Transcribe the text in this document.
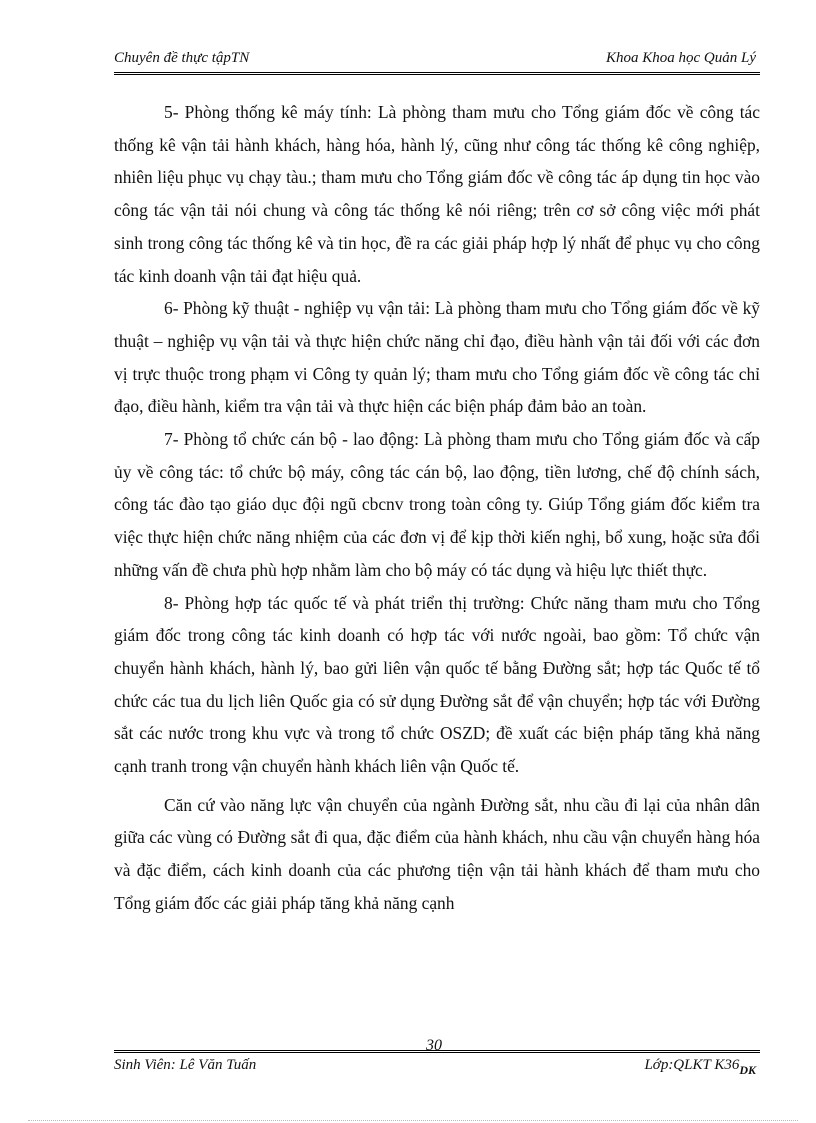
Chuyên đề thực tậpTN	Khoa Khoa học Quản Lý

5- Phòng thống kê máy tính: Là phòng tham mưu cho Tổng giám đốc về công tác thống kê vận tải hành khách, hàng hóa, hành lý, cũng như công tác thống kê công nghiệp, nhiên liệu phục vụ chạy tàu.; tham mưu cho Tổng giám đốc về công tác áp dụng tin học vào công tác vận tải nói chung và công tác thống kê nói riêng; trên cơ sở công việc mới phát sinh trong công tác thống kê và tin học, đề ra các giải pháp hợp lý nhất để phục vụ cho công tác kinh doanh vận tải đạt hiệu quả.

6- Phòng kỹ thuật - nghiệp vụ vận tải: Là phòng tham mưu cho Tổng giám đốc về kỹ thuật – nghiệp vụ vận tải và thực hiện chức năng chỉ đạo, điều hành vận tải đối với các đơn vị trực thuộc trong phạm vi Công ty quản lý; tham mưu cho Tổng giám đốc về công tác chỉ đạo, điều hành, kiểm tra vận tải và thực hiện các biện pháp đảm bảo an toàn.

7- Phòng tổ chức cán bộ - lao động: Là phòng tham mưu cho Tổng giám đốc và cấp ủy về công tác: tổ chức bộ máy, công tác cán bộ, lao động, tiền lương, chế độ chính sách, công tác đào tạo giáo dục đội ngũ cbcnv trong toàn công ty. Giúp Tổng giám đốc kiểm tra việc thực hiện chức năng nhiệm của các đơn vị để kịp thời kiến nghị, bổ xung, hoặc sửa đổi những vấn đề chưa phù hợp nhằm làm cho bộ máy có tác dụng và hiệu lực thiết thực.

8- Phòng hợp tác quốc tế và phát triển thị trường: Chức năng tham mưu cho Tổng giám đốc trong công tác kinh doanh có hợp tác với nước ngoài, bao gồm: Tổ chức vận chuyển hành khách, hành lý, bao gửi liên vận quốc tế bằng Đường sắt; hợp tác Quốc tế tổ chức các tua du lịch liên Quốc gia có sử dụng Đường sắt để vận chuyển; hợp tác với Đường sắt các nước trong khu vực và trong tổ chức OSZD; đề xuất các biện pháp tăng khả năng cạnh tranh trong vận chuyển hành khách liên vận Quốc tế.

Căn cứ vào năng lực vận chuyển của ngành Đường sắt, nhu cầu đi lại của nhân dân giữa các vùng có Đường sắt đi qua, đặc điểm của hành khách, nhu cầu vận chuyển hàng hóa và đặc điểm, cách kinh doanh của các phương tiện vận tải hành khách để tham mưu cho Tổng giám đốc các giải pháp tăng khả năng cạnh

Sinh Viên: Lê Văn Tuấn
30
Lớp:QLKT $K36_{DK}$
